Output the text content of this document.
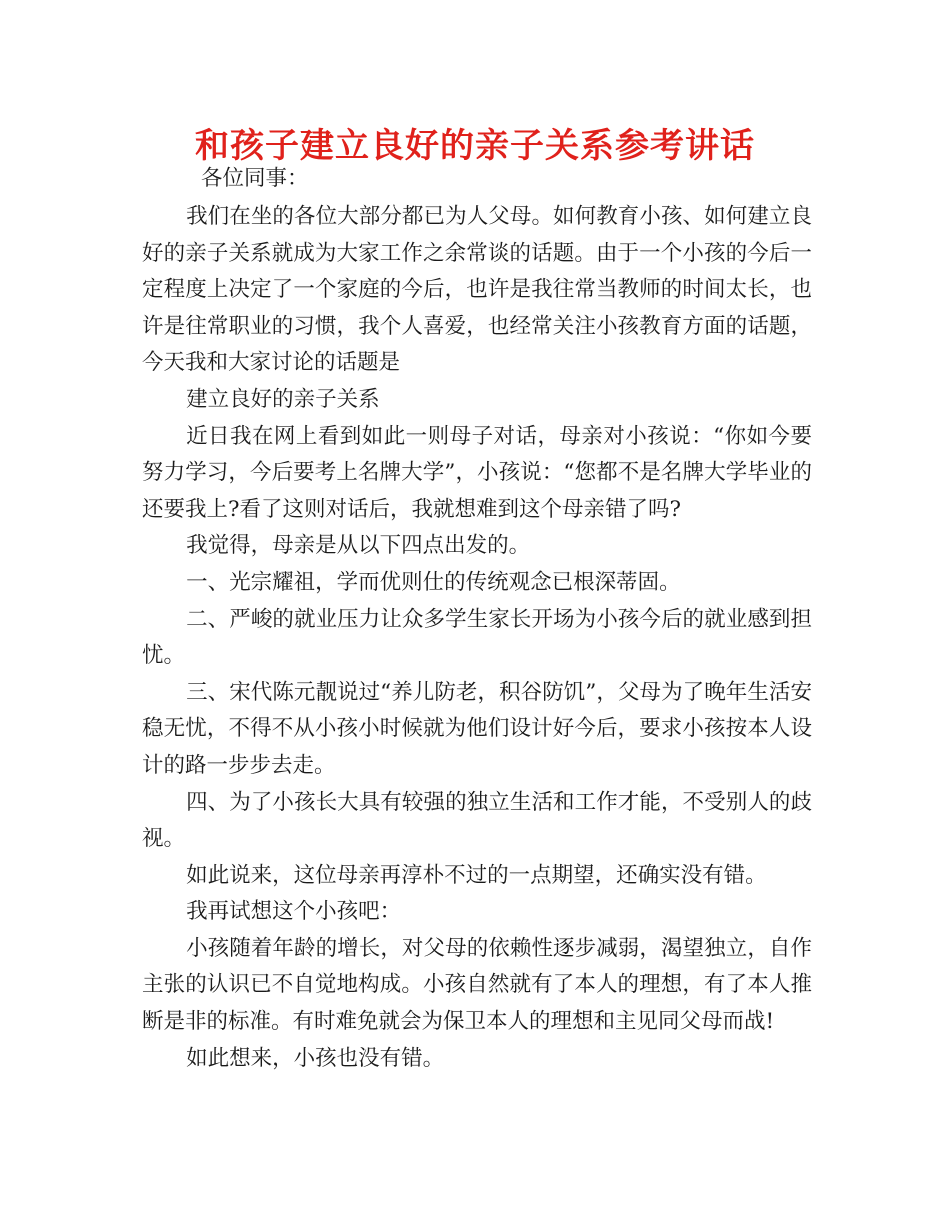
和孩子建立良好的亲子关系参考讲话

各位同事：

我们在坐的各位大部分都已为人父母。如何教育小孩、如何建立良好的亲子关系就成为大家工作之余常谈的话题。由于一个小孩的今后一定程度上决定了一个家庭的今后，也许是我往常当教师的时间太长，也许是往常职业的习惯，我个人喜爱，也经常关注小孩教育方面的话题，今天我和大家讨论的话题是

建立良好的亲子关系

近日我在网上看到如此一则母子对话，母亲对小孩说：“你如今要努力学习，今后要考上名牌大学”，小孩说：“您都不是名牌大学毕业的还要我上?看了这则对话后，我就想难到这个母亲错了吗?

我觉得，母亲是从以下四点出发的。

一、光宗耀祖，学而优则仕的传统观念已根深蒂固。

二、严峻的就业压力让众多学生家长开场为小孩今后的就业感到担忧。

三、宋代陈元靓说过“养儿防老，积谷防饥”，父母为了晚年生活安稳无忧，不得不从小孩小时候就为他们设计好今后，要求小孩按本人设计的路一步步去走。

四、为了小孩长大具有较强的独立生活和工作才能，不受别人的歧视。

如此说来，这位母亲再淳朴不过的一点期望，还确实没有错。

我再试想这个小孩吧：

小孩随着年龄的增长，对父母的依赖性逐步减弱，渴望独立，自作主张的认识已不自觉地构成。小孩自然就有了本人的理想，有了本人推断是非的标准。有时难免就会为保卫本人的理想和主见同父母而战!

如此想来，小孩也没有错。
